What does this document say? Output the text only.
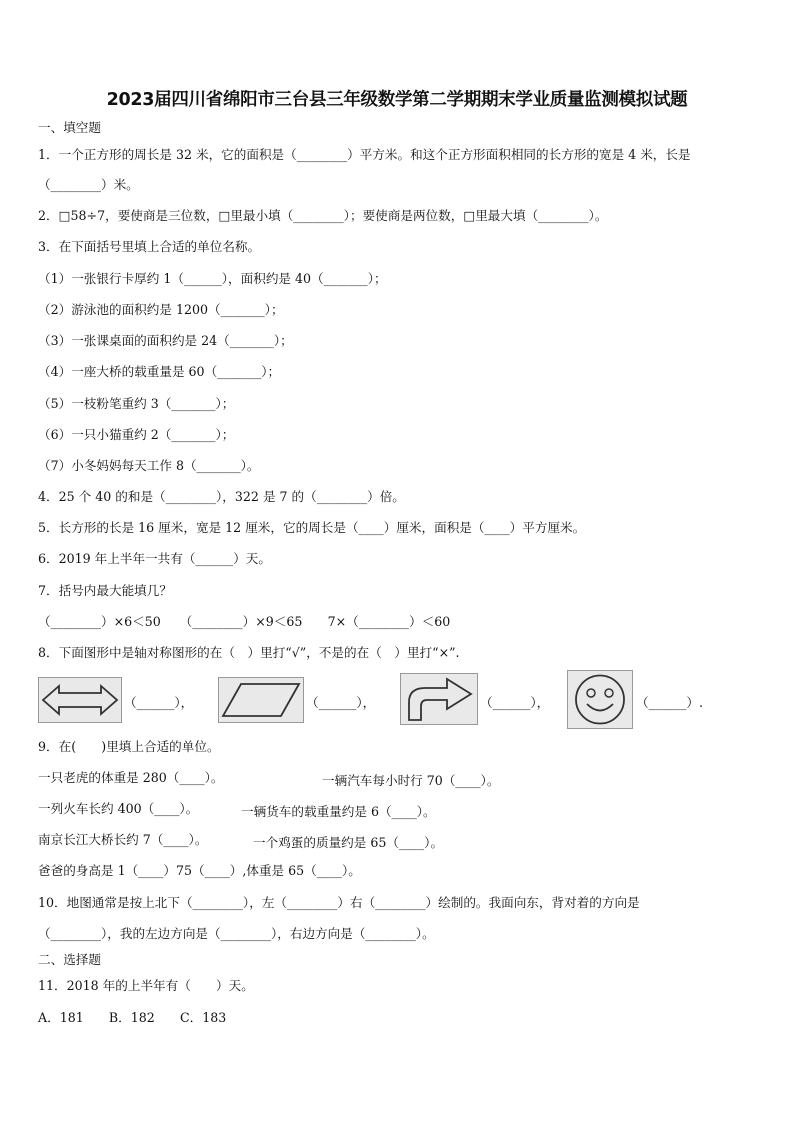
2023届四川省绵阳市三台县三年级数学第二学期期末学业质量监测模拟试题
一、填空题
1．一个正方形的周长是 32 米，它的面积是（________）平方米。和这个正方形面积相同的长方形的宽是 4 米，长是
（________）米。
2．□58÷7，要使商是三位数，□里最小填（________）；要使商是两位数，□里最大填（________）。
3．在下面括号里填上合适的单位名称。
（1）一张银行卡厚约 1（______），面积约是 40（_______）；
（2）游泳池的面积约是 1200（_______）；
（3）一张课桌面的面积约是 24（_______）；
（4）一座大桥的载重量是 60（_______）；
（5）一枝粉笔重约 3（_______）；
（6）一只小猫重约 2（_______）；
（7）小冬妈妈每天工作 8（_______）。
4．25 个 40 的和是（________），322 是 7 的（________）倍。
5．长方形的长是 16 厘米，宽是 12 厘米，它的周长是（____）厘米，面积是（____）平方厘米。
6．2019 年上半年一共有（______）天。
7．括号内最大能填几？
（________）×6＜50　　（________）×9＜65　　7×（________）＜60
8．下面图形中是轴对称图形的在（　）里打“√”，不是的在（　）里打“×”.
（______），	（______），	（______），	（______）.
9．在(　　)里填上合适的单位。
一只老虎的体重是 280（____）。	一辆汽车每小时行 70（____）。
一列火车长约 400（____）。	一辆货车的载重量约是 6（____）。
南京长江大桥长约 7（____）。	一个鸡蛋的质量约是 65（____）。
爸爸的身高是 1（____）75（____）,体重是 65（____）。
10．地图通常是按上北下（________），左（________）右（________）绘制的。我面向东，背对着的方向是
（________），我的左边方向是（________），右边方向是（________）。
二、选择题
11．2018 年的上半年有（　　）天。
A．181　　B．182　　C．183
